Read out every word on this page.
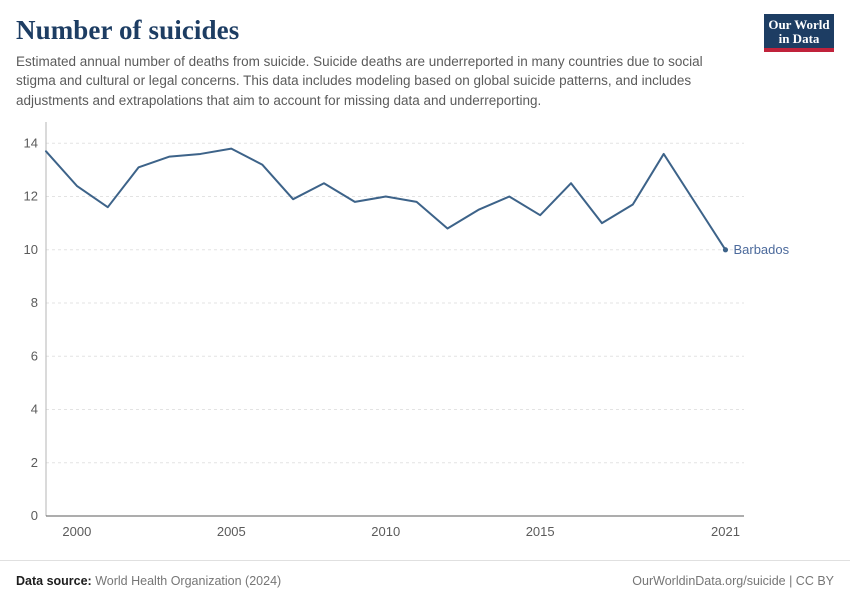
Number of suicides

Estimated annual number of deaths from suicide. Suicide deaths are underreported in many countries due to social stigma and cultural or legal concerns. This data includes modeling based on global suicide patterns, and includes adjustments and extrapolations that aim to account for missing data and underreporting.

Our World
in Data
0
2
4
6
8
10
12
14
2000	2005	2010	2015	2021
Barbados
Data source: World Health Organization (2024)	OurWorldinData.org/suicide | CC BY
